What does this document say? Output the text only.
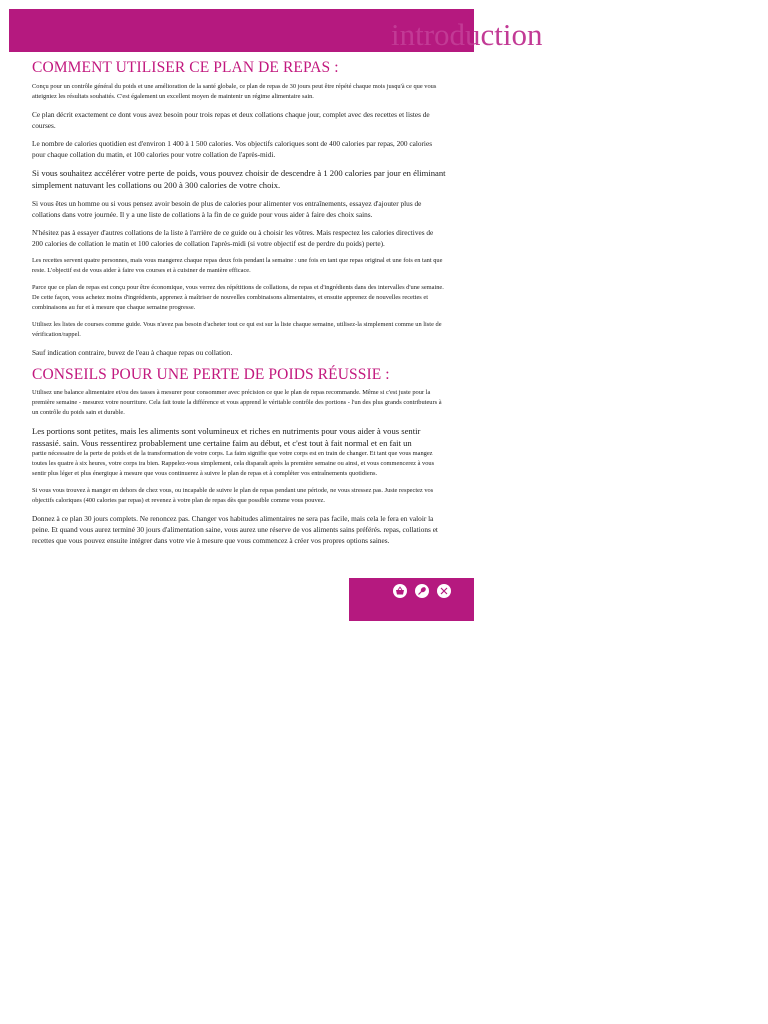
introduction
COMMENT UTILISER CE PLAN DE REPAS :

Conçu pour un contrôle général du poids et une amélioration de la santé globale, ce plan de repas de 30 jours peut être répété chaque mois jusqu'à ce que vous atteigniez les résultats souhaités. C'est également un excellent moyen de maintenir un régime alimentaire sain.

Ce plan décrit exactement ce dont vous avez besoin pour trois repas et deux collations chaque jour, complet avec des recettes et listes de courses.

Le nombre de calories quotidien est d'environ 1 400 à 1 500 calories. Vos objectifs caloriques sont de 400 calories par repas, 200 calories pour chaque collation du matin, et 100 calories pour votre collation de l'après-midi.

Si vous souhaitez accélérer votre perte de poids, vous pouvez choisir de descendre à 1 200 calories par jour en éliminant simplement natuvant les collations ou 200 à 300 calories de votre choix.

Si vous êtes un homme ou si vous pensez avoir besoin de plus de calories pour alimenter vos entraînements, essayez d'ajouter plus de collations dans votre journée. Il y a une liste de collations à la fin de ce guide pour vous aider à faire des choix sains.

N'hésitez pas à essayer d'autres collations de la liste à l'arrière de ce guide ou à choisir les vôtres. Mais respectez les calories directives de 200 calories de collation le matin et 100 calories de collation l'après-midi (si votre objectif est de perdre du poids) perte).

Les recettes servent quatre personnes, mais vous mangerez chaque repas deux fois pendant la semaine : une fois en tant que repas original et une fois en tant que reste. L'objectif est de vous aider à faire vos courses et à cuisiner de manière efficace.

Parce que ce plan de repas est conçu pour être économique, vous verrez des répétitions de collations, de repas et d'ingrédients dans des intervalles d'une semaine. De cette façon, vous achetez moins d'ingrédients, apprenez à maîtriser de nouvelles combinaisons alimentaires, et ensuite apprenez de nouvelles recettes et combinaisons au fur et à mesure que chaque semaine progresse.

Utilisez les listes de courses comme guide. Vous n'avez pas besoin d'acheter tout ce qui est sur la liste chaque semaine, utilisez-la simplement comme un liste de vérification/rappel.

Sauf indication contraire, buvez de l'eau à chaque repas ou collation.

CONSEILS POUR UNE PERTE DE POIDS RÉUSSIE :

Utilisez une balance alimentaire et/ou des tasses à mesurer pour consommer avec précision ce que le plan de repas recommande. Même si c'est juste pour la première semaine - mesurez votre nourriture. Cela fait toute la différence et vous apprend le véritable contrôle des portions - l'un des plus grands contributeurs à un contrôle du poids sain et durable.

Les portions sont petites, mais les aliments sont volumineux et riches en nutriments pour vous aider à vous sentir rassasié. sain. Vous ressentirez probablement une certaine faim au début, et c'est tout à fait normal et en fait un

partie nécessaire de la perte de poids et de la transformation de votre corps. La faim signifie que votre corps est en train de changer. Et tant que vous mangez toutes les quatre à six heures, votre corps ira bien. Rappelez-vous simplement, cela disparaît après la première semaine ou ainsi, et vous commencerez à vous sentir plus léger et plus énergique à mesure que vous continuerez à suivre le plan de repas et à compléter vos entraînements quotidiens.

Si vous vous trouvez à manger en dehors de chez vous, ou incapable de suivre le plan de repas pendant une période, ne vous stressez pas. Juste respectez vos objectifs caloriques (400 calories par repas) et revenez à votre plan de repas dès que possible comme vous pouvez.

Donnez à ce plan 30 jours complets. Ne renoncez pas. Changer vos habitudes alimentaires ne sera pas facile, mais cela le fera en valoir la peine. Et quand vous aurez terminé 30 jours d'alimentation saine, vous aurez une réserve de vos aliments sains préférés. repas, collations et recettes que vous pouvez ensuite intégrer dans votre vie à mesure que vous commencez à créer vos propres options saines.
